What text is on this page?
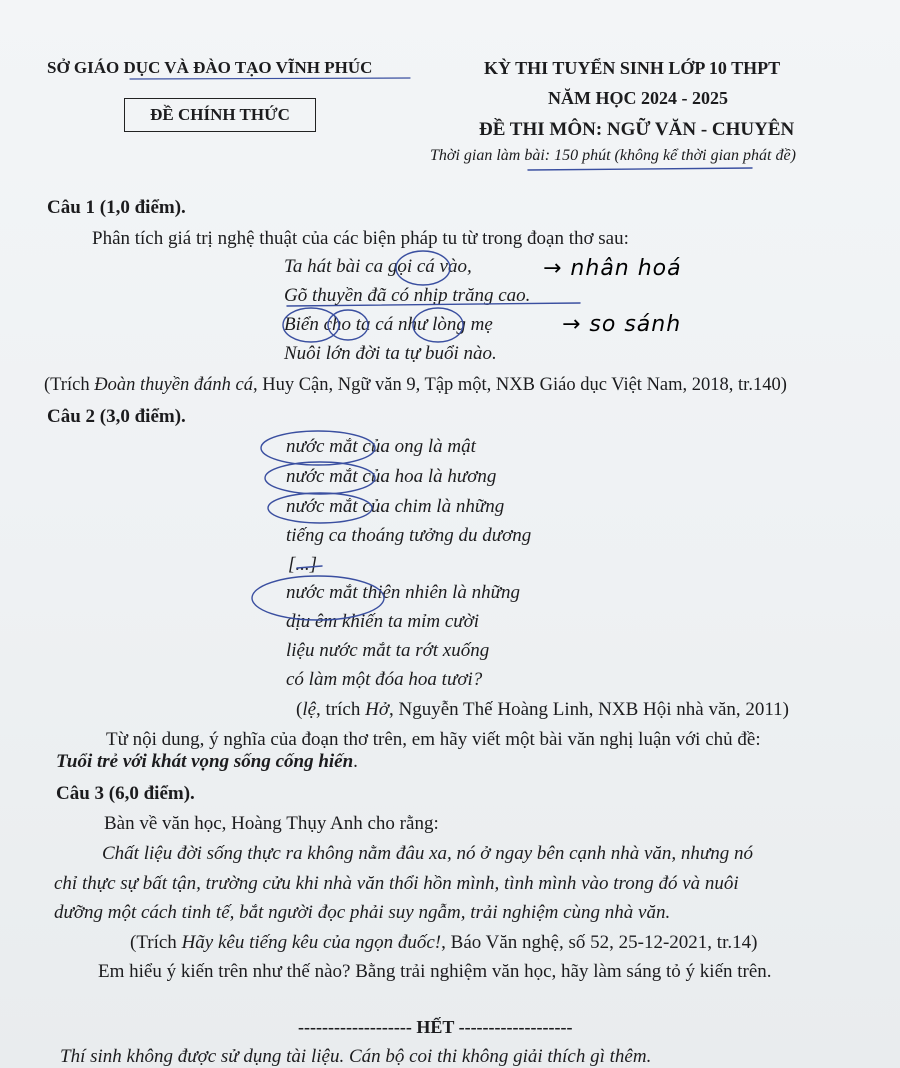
SỞ GIÁO DỤC VÀ ĐÀO TẠO VĨNH PHÚC
ĐỀ CHÍNH THỨC
KỲ THI TUYỂN SINH LỚP 10 THPT
NĂM HỌC 2024 - 2025
ĐỀ THI MÔN: NGỮ VĂN - CHUYÊN
Thời gian làm bài: 150 phút (không kể thời gian phát đề)
Câu 1 (1,0 điểm).
Phân tích giá trị nghệ thuật của các biện pháp tu từ trong đoạn thơ sau:
Ta hát bài ca gọi cá vào,
Gõ thuyền đã có nhịp trăng cao.
Biển cho ta cá như lòng mẹ
Nuôi lớn đời ta tự buổi nào.
(Trích Đoàn thuyền đánh cá, Huy Cận, Ngữ văn 9, Tập một, NXB Giáo dục Việt Nam, 2018, tr.140)
Câu 2 (3,0 điểm).
nước mắt của ong là mật
nước mắt của hoa là hương
nước mắt của chim là những
tiếng ca thoáng tưởng du dương
[...]
nước mắt thiên nhiên là những
dịu êm khiến ta mỉm cười
liệu nước mắt ta rớt xuống
có làm một đóa hoa tươi?
(lệ, trích Hở, Nguyễn Thế Hoàng Linh, NXB Hội nhà văn, 2011)
Từ nội dung, ý nghĩa của đoạn thơ trên, em hãy viết một bài văn nghị luận với chủ đề:
Tuổi trẻ với khát vọng sống cống hiến.
Câu 3 (6,0 điểm).
Bàn về văn học, Hoàng Thụy Anh cho rằng:
Chất liệu đời sống thực ra không nằm đâu xa, nó ở ngay bên cạnh nhà văn, nhưng nó
chỉ thực sự bất tận, trường cửu khi nhà văn thổi hồn mình, tình mình vào trong đó và nuôi
dưỡng một cách tinh tế, bắt người đọc phải suy ngẫm, trải nghiệm cùng nhà văn.
(Trích Hãy kêu tiếng kêu của ngọn đuốc!, Báo Văn nghệ, số 52, 25-12-2021, tr.14)
Em hiểu ý kiến trên như thế nào? Bằng trải nghiệm văn học, hãy làm sáng tỏ ý kiến trên.
------------------- HẾT -------------------
Thí sinh không được sử dụng tài liệu. Cán bộ coi thi không giải thích gì thêm.
→ nhân hoá
→ so sánh
